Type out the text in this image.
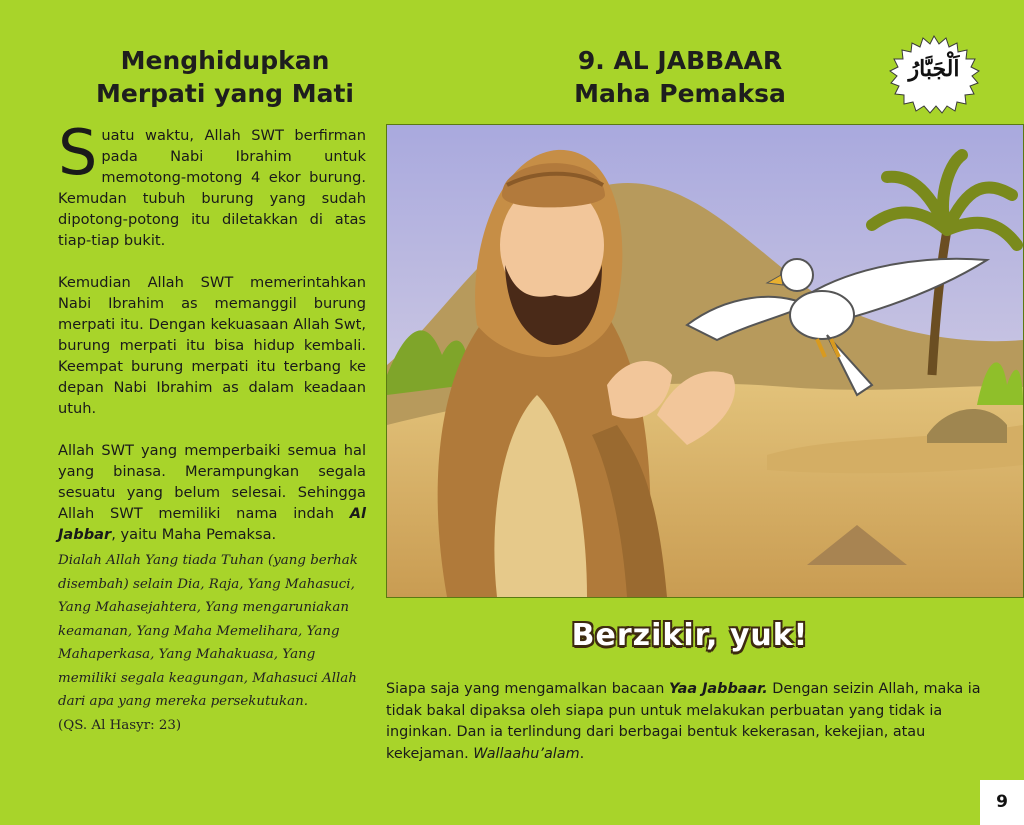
Menghidupkan
Merpati yang Mati
9. AL JABBAAR
Maha Pemaksa
اَلْجَبَّارُ

Suatu waktu, Allah SWT berfirman pada Nabi Ibrahim untuk memotong-motong 4 ekor burung. Kemudan tubuh burung yang sudah dipotong-potong itu diletakkan di atas tiap-tiap bukit.

Kemudian Allah SWT memerintahkan Nabi Ibrahim as memanggil burung merpati itu. Dengan kekuasaan Allah Swt, burung merpati itu bisa hidup kembali. Keempat burung merpati itu terbang ke depan Nabi Ibrahim as dalam keadaan utuh.

Allah SWT yang memperbaiki semua hal yang binasa. Merampungkan segala sesuatu yang belum selesai. Sehingga Allah SWT memiliki nama indah Al Jabbar, yaitu Maha Pemaksa.

Dialah Allah Yang tiada Tuhan (yang berhak disembah) selain Dia, Raja, Yang Mahasuci, Yang Mahasejahtera, Yang mengaruniakan keamanan, Yang Maha Memelihara, Yang Mahaperkasa, Yang Mahakuasa, Yang memiliki segala keagungan, Mahasuci Allah dari apa yang mereka persekutukan.
(QS. Al Hasyr: 23)
Berzikir, yuk!
Siapa saja yang mengamalkan bacaan Yaa Jabbaar. Dengan seizin Allah, maka ia tidak bakal dipaksa oleh siapa pun untuk melakukan perbuatan yang tidak ia inginkan. Dan ia terlindung dari berbagai bentuk kekerasan, kekejian, atau kekejaman. Wallaahu’alam.
9
